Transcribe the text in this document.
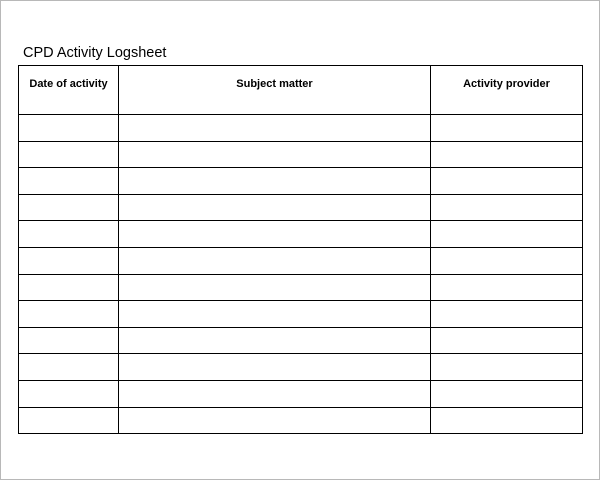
CPD Activity Logsheet
Date of activity	Subject matter	Activity provider
